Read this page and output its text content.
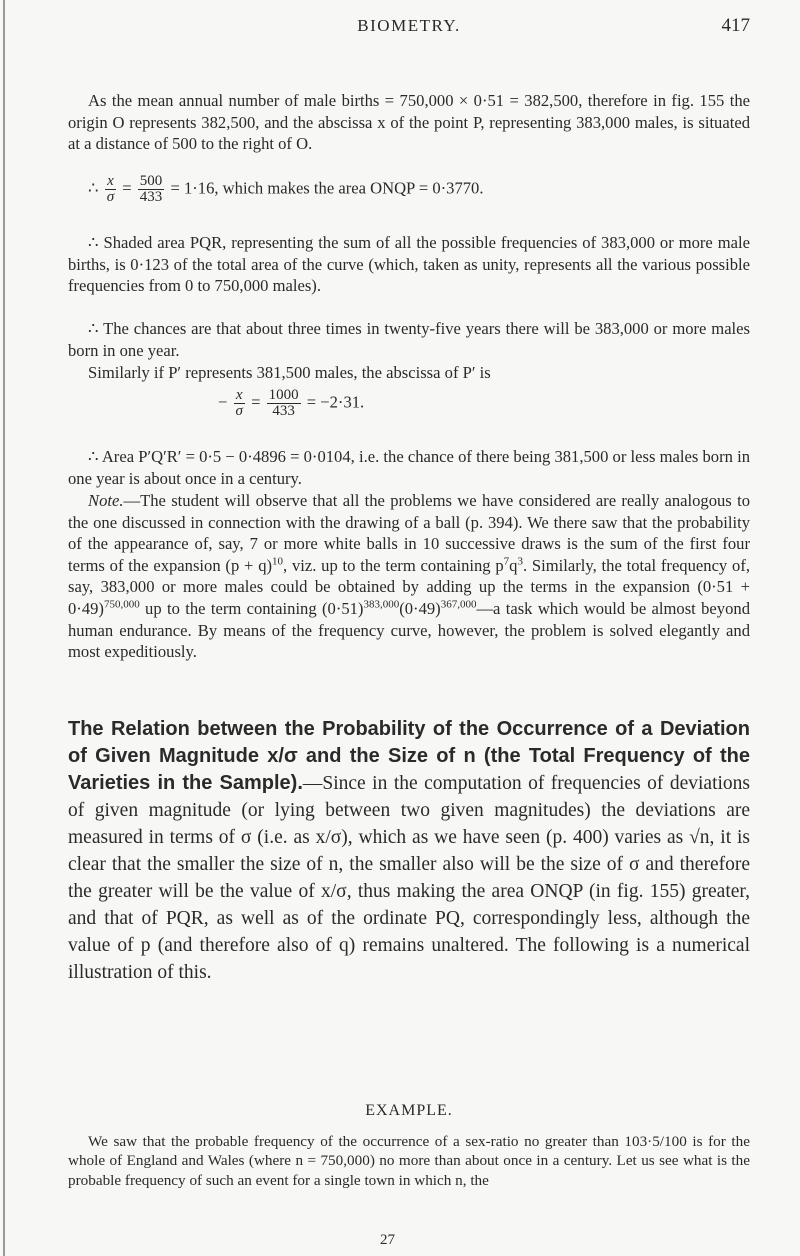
BIOMETRY.	417

As the mean annual number of male births = 750,000 × 0·51 = 382,500, therefore in fig. 155 the origin O represents 382,500, and the abscissa x of the point P, representing 383,000 males, is situated at a distance of 500 to the right of O.

∴ $\frac{x}{\sigma} = \frac{500}{433} = 1\cdot 16$, which makes the area ONQP = 0·3770.

∴ Shaded area PQR, representing the sum of all the possible frequencies of 383,000 or more male births, is 0·123 of the total area of the curve (which, taken as unity, represents all the various possible frequencies from 0 to 750,000 males).

∴ The chances are that about three times in twenty-five years there will be 383,000 or more males born in one year.

Similarly if P′ represents 381,500 males, the abscissa of P′ is

− $\frac{x}{\sigma} = \frac{1000}{433} = -2\cdot 31$.

∴ Area P′Q′R′ = 0·5 − 0·4896 = 0·0104, i.e. the chance of there being 381,500 or less males born in one year is about once in a century.

Note.—The student will observe that all the problems we have considered are really analogous to the one discussed in connection with the drawing of a ball (p. 394). We there saw that the probability of the appearance of, say, 7 or more white balls in 10 successive draws is the sum of the first four terms of the expansion $(p + q)^{10}$, viz. up to the term containing $p^7q^3$. Similarly, the total frequency of, say, 383,000 or more males could be obtained by adding up the terms in the expansion $(0\cdot 51 + 0\cdot 49)^{750,000}$ up to the term containing $(0\cdot 51)^{383,000}(0\cdot 49)^{367,000}—a$ task which would be almost beyond human endurance. By means of the frequency curve, however, the problem is solved elegantly and most expeditiously.

The Relation between the Probability of the Occurrence of a Deviation of Given Magnitude x/σ and the Size of n (the Total Frequency of the Varieties in the Sample).—Since in the computation of frequencies of deviations of given magnitude (or lying between two given magnitudes) the deviations are measured in terms of σ (i.e. as x/σ), which as we have seen (p. 400) varies as √n, it is clear that the smaller the size of n, the smaller also will be the size of σ and therefore the greater will be the value of x/σ, thus making the area ONQP (in fig. 155) greater, and that of PQR, as well as of the ordinate PQ, correspondingly less, although the value of p (and therefore also of q) remains unaltered. The following is a numerical illustration of this.
EXAMPLE.

We saw that the probable frequency of the occurrence of a sex-ratio no greater than 103·5/100 is for the whole of England and Wales (where n = 750,000) no more than about once in a century. Let us see what is the probable frequency of such an event for a single town in which n, the

27
